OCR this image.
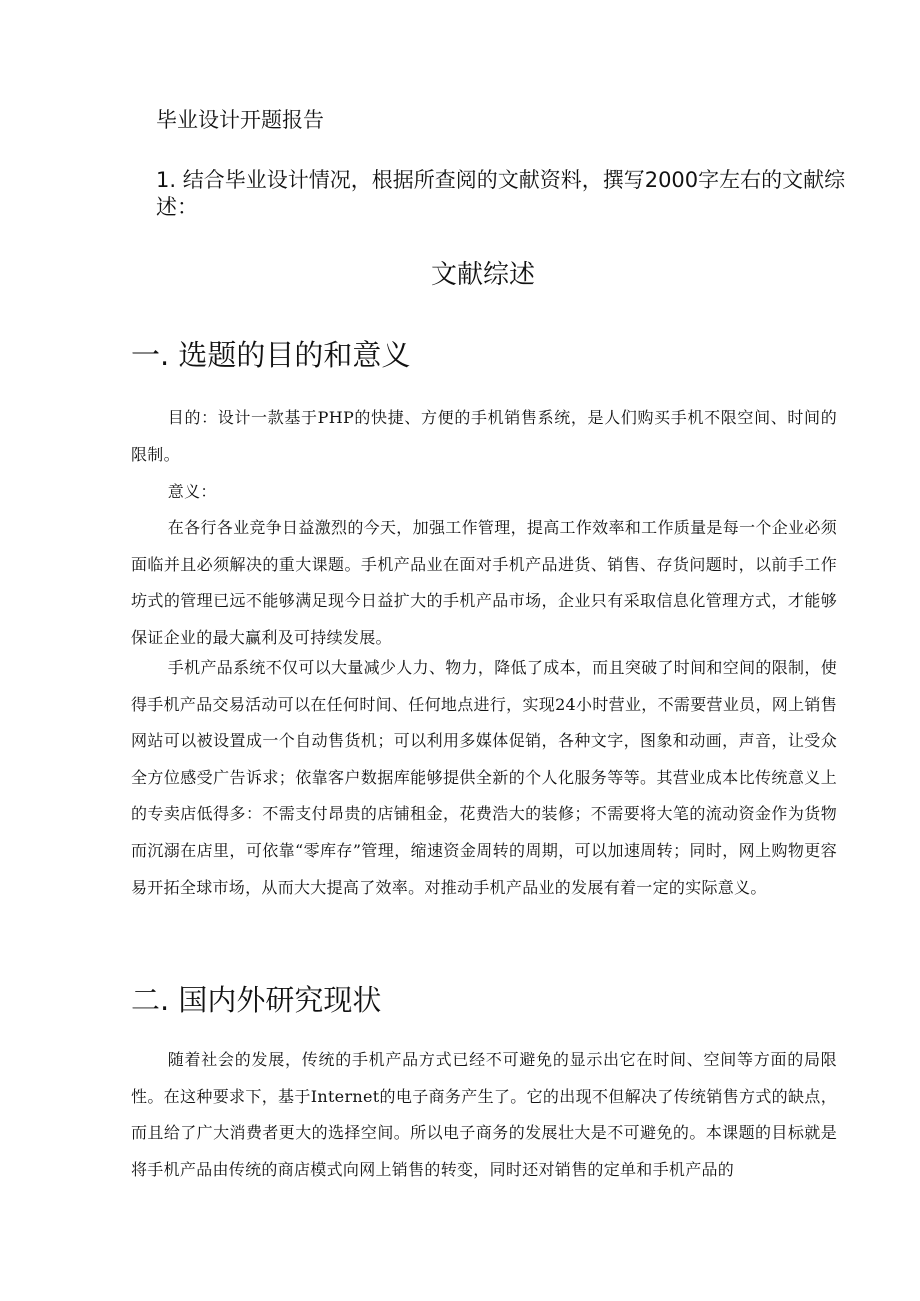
毕业设计开题报告

1. 结合毕业设计情况，根据所查阅的文献资料，撰写2000字左右的文献综述：

文献综述
一. 选题的目的和意义

目的：设计一款基于PHP的快捷、方便的手机销售系统，是人们购买手机不限空间、时间的限制。

意义：

在各行各业竞争日益激烈的今天，加强工作管理，提高工作效率和工作质量是每一个企业必须面临并且必须解决的重大课题。手机产品业在面对手机产品进货、销售、存货问题时，以前手工作坊式的管理已远不能够满足现今日益扩大的手机产品市场，企业只有采取信息化管理方式，才能够保证企业的最大赢利及可持续发展。

手机产品系统不仅可以大量减少人力、物力，降低了成本，而且突破了时间和空间的限制，使得手机产品交易活动可以在任何时间、任何地点进行，实现24小时营业，不需要营业员，网上销售网站可以被设置成一个自动售货机；可以利用多媒体促销，各种文字，图象和动画，声音，让受众全方位感受广告诉求；依靠客户数据库能够提供全新的个人化服务等等。其营业成本比传统意义上的专卖店低得多：不需支付昂贵的店铺租金，花费浩大的装修；不需要将大笔的流动资金作为货物而沉溺在店里，可依靠“零库存”管理，缩速资金周转的周期，可以加速周转；同时，网上购物更容易开拓全球市场，从而大大提高了效率。对推动手机产品业的发展有着一定的实际意义。

二. 国内外研究现状

随着社会的发展，传统的手机产品方式已经不可避免的显示出它在时间、空间等方面的局限性。在这种要求下，基于Internet的电子商务产生了。它的出现不但解决了传统销售方式的缺点，而且给了广大消费者更大的选择空间。所以电子商务的发展壮大是不可避免的。本课题的目标就是将手机产品由传统的商店模式向网上销售的转变，同时还对销售的定单和手机产品的
